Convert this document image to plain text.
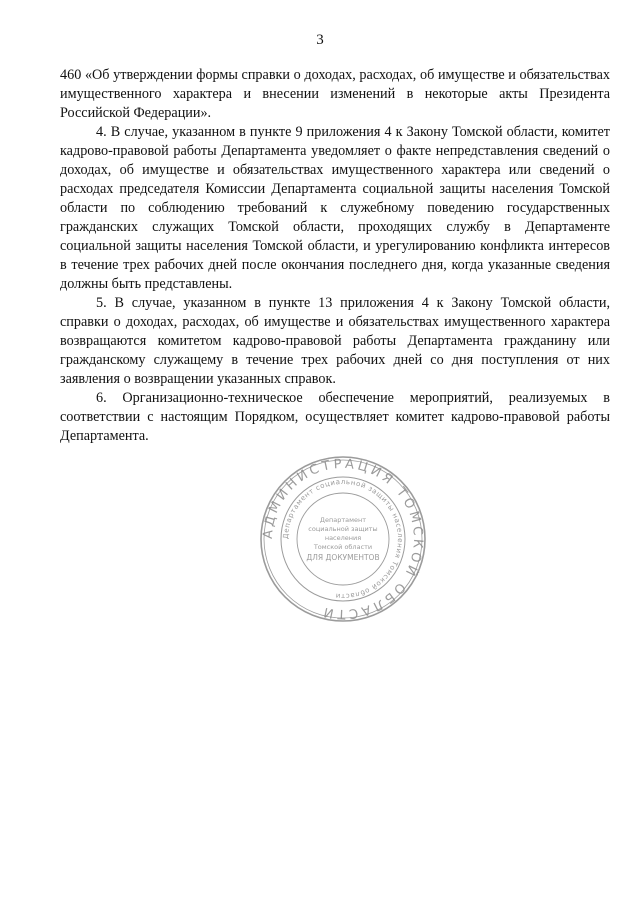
3

460 «Об утверждении формы справки о доходах, расходах, об имуществе и обязательствах имущественного характера и внесении изменений в некоторые акты Президента Российской Федерации».

4. В случае, указанном в пункте 9 приложения 4 к Закону Томской области, комитет кадрово-правовой работы Департамента уведомляет о факте непредставления сведений о доходах, об имуществе и обязательствах имущественного характера или сведений о расходах председателя Комиссии Департамента социальной защиты населения Томской области по соблюдению требований к служебному поведению государственных гражданских служащих Томской области, проходящих службу в Департаменте социальной защиты населения Томской области, и урегулированию конфликта интересов в течение трех рабочих дней после окончания последнего дня, когда указанные сведения должны быть представлены.

5. В случае, указанном в пункте 13 приложения 4 к Закону Томской области, справки о доходах, расходах, об имуществе и обязательствах имущественного характера возвращаются комитетом кадрово-правовой работы Департамента гражданину или гражданскому служащему в течение трех рабочих дней со дня поступления от них заявления о возвращении указанных справок.

6. Организационно-техническое обеспечение мероприятий, реализуемых в соответствии с настоящим Порядком, осуществляет комитет кадрово-правовой работы Департамента.

АДМИНИСТРАЦИЯ ТОМСКОЙ ОБЛАСТИ
Департамент социальной защиты населения Томской области
Департамент
социальной защиты
населения
Томской области
ДЛЯ ДОКУМЕНТОВ
